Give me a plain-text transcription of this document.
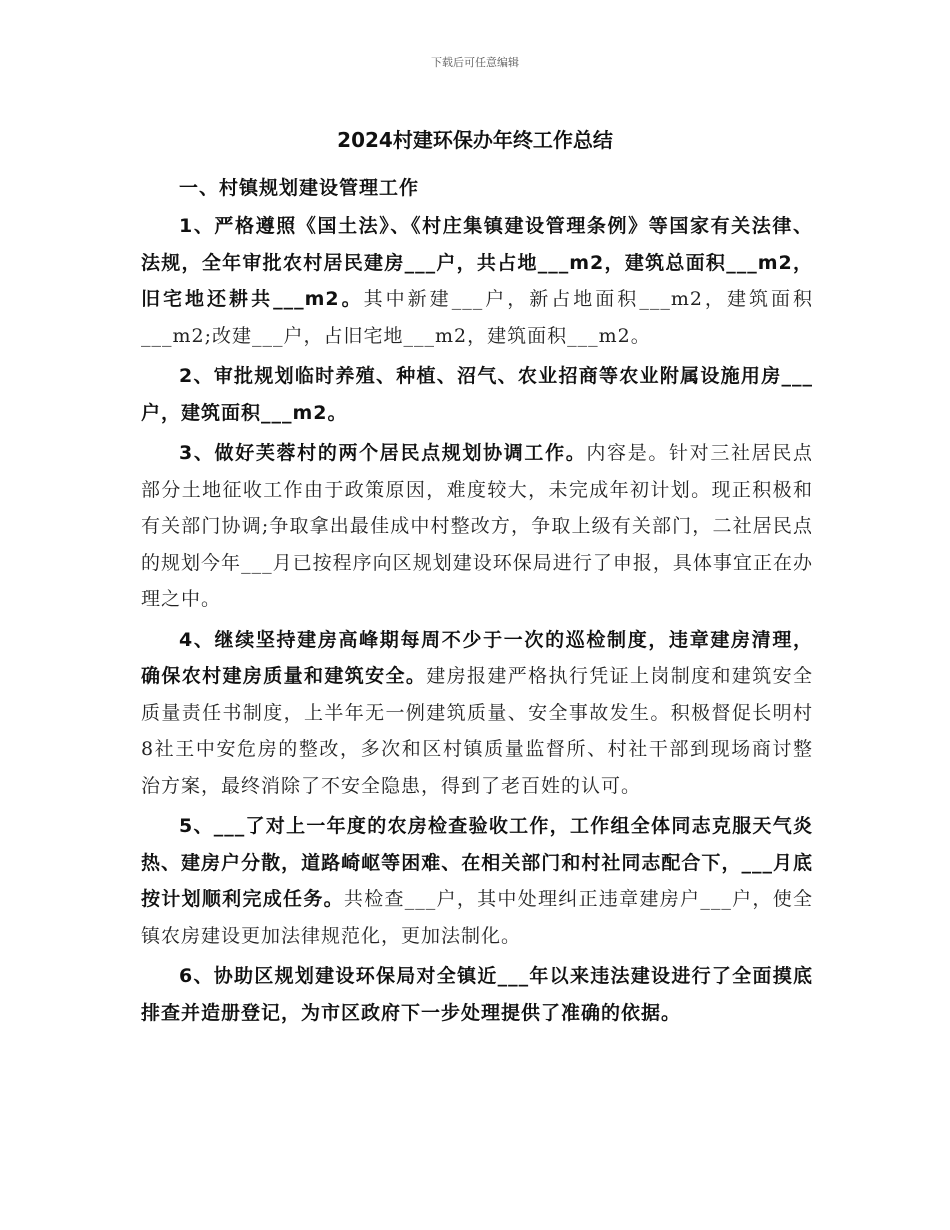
下载后可任意编辑
2024村建环保办年终工作总结

一、村镇规划建设管理工作

1、严格遵照《国土法》、《村庄集镇建设管理条例》等国家有关法律、法规，全年审批农村居民建房___户，共占地___m2，建筑总面积___m2，旧宅地还耕共___m2。其中新建___户，新占地面积___m2，建筑面积___m2;改建___户，占旧宅地___m2，建筑面积___m2。

2、审批规划临时养殖、种植、沼气、农业招商等农业附属设施用房___户，建筑面积___m2。

3、做好芙蓉村的两个居民点规划协调工作。内容是。针对三社居民点部分土地征收工作由于政策原因，难度较大，未完成年初计划。现正积极和有关部门协调;争取拿出最佳成中村整改方，争取上级有关部门，二社居民点的规划今年___月已按程序向区规划建设环保局进行了申报，具体事宜正在办理之中。

4、继续坚持建房高峰期每周不少于一次的巡检制度，违章建房清理，确保农村建房质量和建筑安全。建房报建严格执行凭证上岗制度和建筑安全质量责任书制度，上半年无一例建筑质量、安全事故发生。积极督促长明村8社王中安危房的整改，多次和区村镇质量监督所、村社干部到现场商讨整治方案，最终消除了不安全隐患，得到了老百姓的认可。

5、___了对上一年度的农房检查验收工作，工作组全体同志克服天气炎热、建房户分散，道路崎岖等困难、在相关部门和村社同志配合下，___月底按计划顺利完成任务。共检查___户，其中处理纠正违章建房户___户，使全镇农房建设更加法律规范化，更加法制化。

6、协助区规划建设环保局对全镇近___年以来违法建设进行了全面摸底排查并造册登记，为市区政府下一步处理提供了准确的依据。
